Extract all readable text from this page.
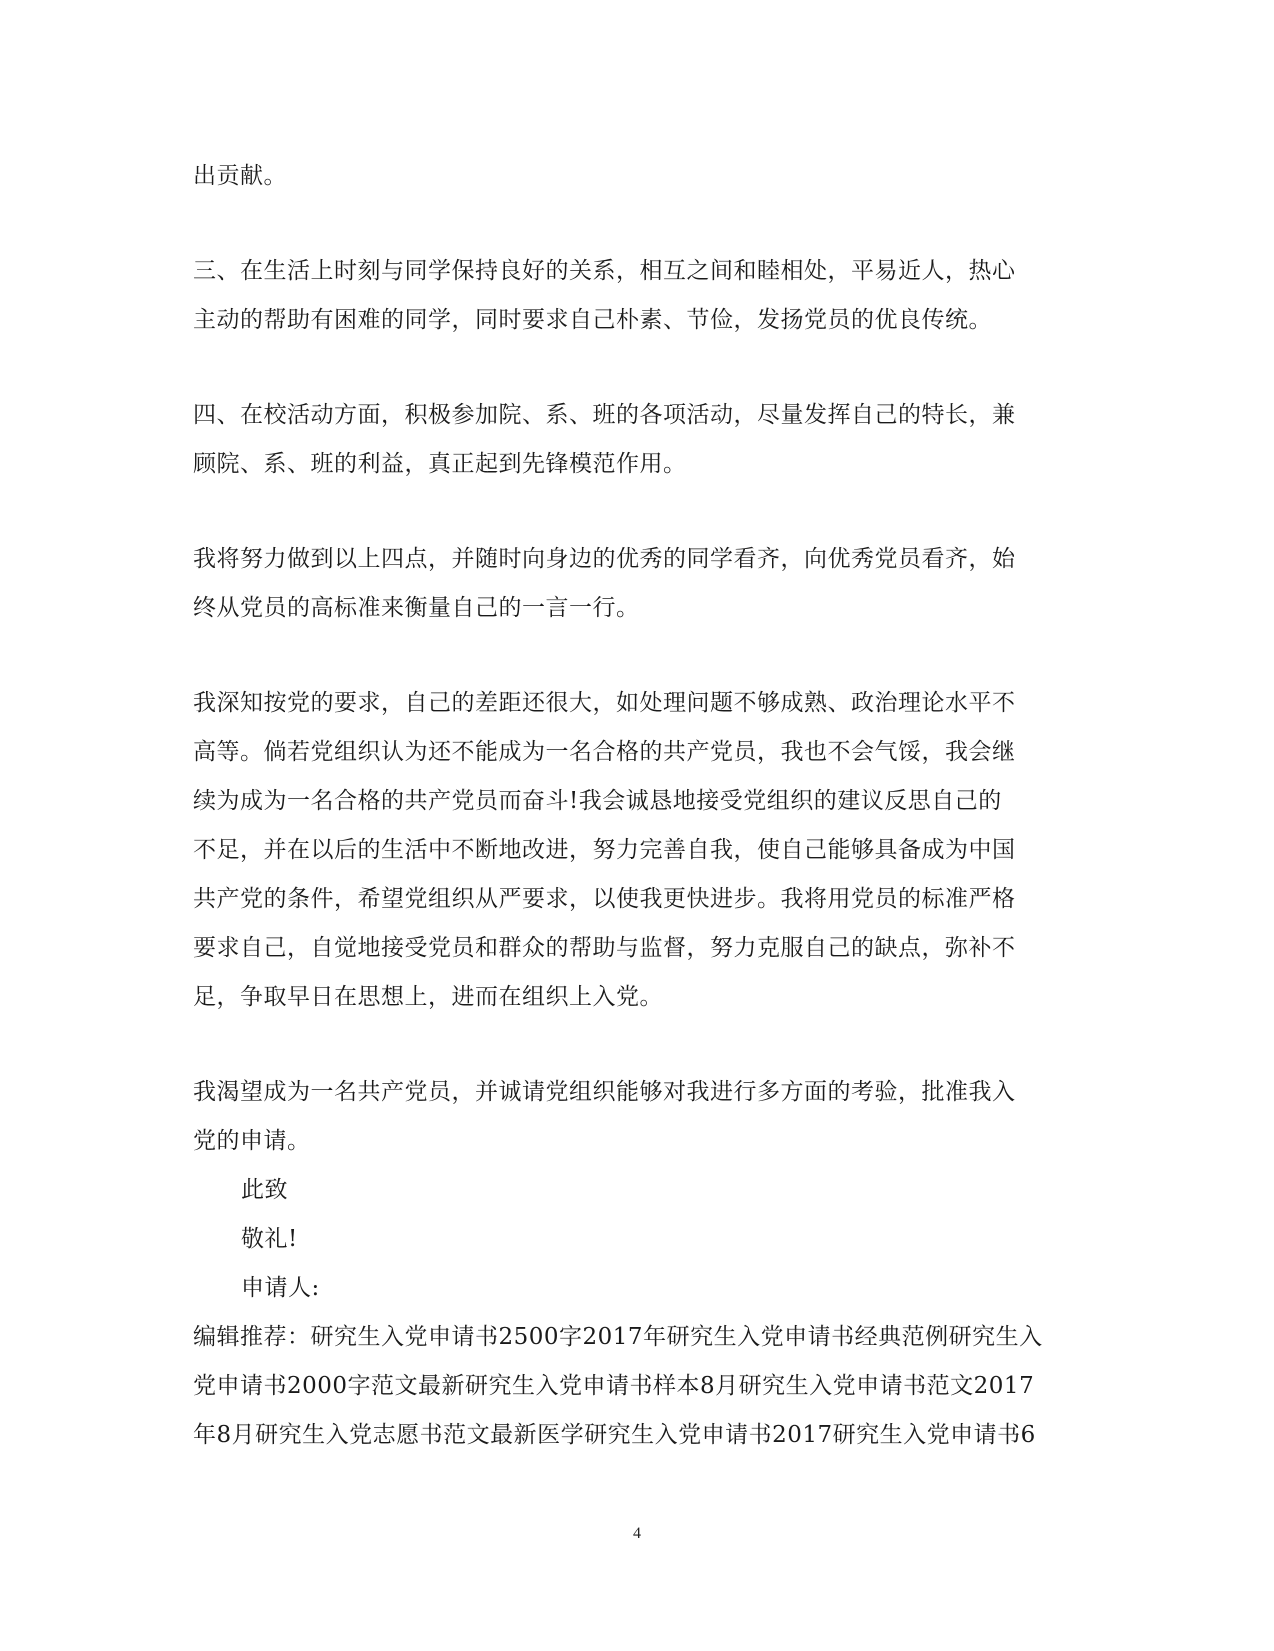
出贡献。

三、在生活上时刻与同学保持良好的关系，相互之间和睦相处，平易近人，热心
主动的帮助有困难的同学，同时要求自己朴素、节俭，发扬党员的优良传统。

四、在校活动方面，积极参加院、系、班的各项活动，尽量发挥自己的特长，兼
顾院、系、班的利益，真正起到先锋模范作用。

我将努力做到以上四点，并随时向身边的优秀的同学看齐，向优秀党员看齐，始
终从党员的高标准来衡量自己的一言一行。

我深知按党的要求，自己的差距还很大，如处理问题不够成熟、政治理论水平不
高等。倘若党组织认为还不能成为一名合格的共产党员，我也不会气馁，我会继
续为成为一名合格的共产党员而奋斗!我会诚恳地接受党组织的建议反思自己的
不足，并在以后的生活中不断地改进，努力完善自我，使自己能够具备成为中国
共产党的条件，希望党组织从严要求，以使我更快进步。我将用党员的标准严格
要求自己，自觉地接受党员和群众的帮助与监督，努力克服自己的缺点，弥补不
足，争取早日在思想上，进而在组织上入党。

我渴望成为一名共产党员，并诚请党组织能够对我进行多方面的考验，批准我入
党的申请。

此致
敬礼!
申请人:

编辑推荐：研究生入党申请书2500字2017年研究生入党申请书经典范例研究生入
党申请书2000字范文最新研究生入党申请书样本8月研究生入党申请书范文2017
年8月研究生入党志愿书范文最新医学研究生入党申请书2017研究生入党申请书6

4
